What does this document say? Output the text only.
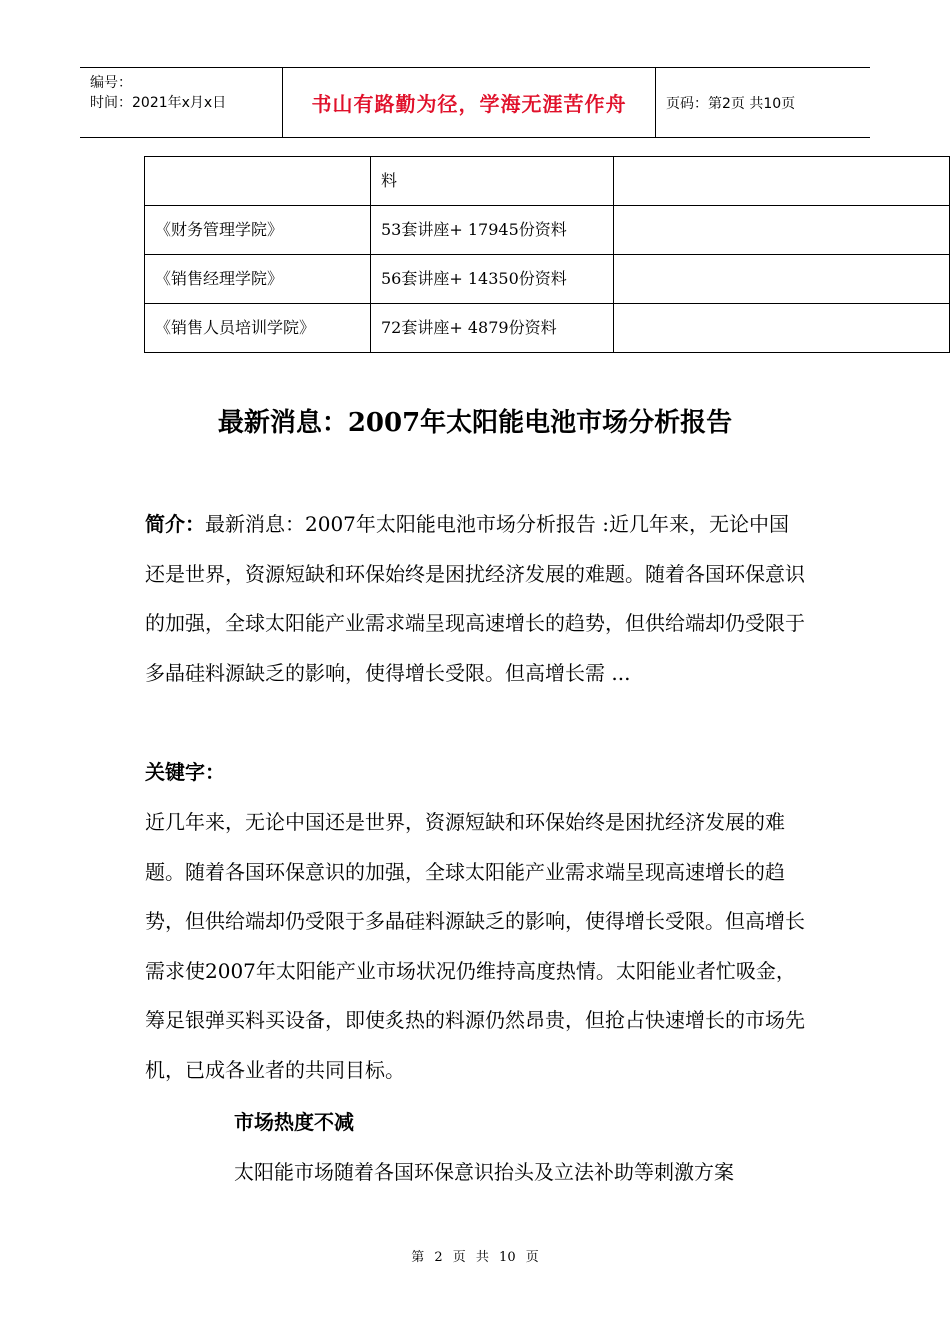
编号：
时间：2021年x月x日	书山有路勤为径，学海无涯苦作舟	页码：第2页 共10页
	料	
《财务管理学院》	53套讲座+ 17945份资料	
《销售经理学院》	56套讲座+ 14350份资料	
《销售人员培训学院》	72套讲座+ 4879份资料	
最新消息：2007年太阳能电池市场分析报告
简介：最新消息：2007年太阳能电池市场分析报告 :近几年来，无论中国还是世界，资源短缺和环保始终是困扰经济发展的难题。随着各国环保意识的加强，全球太阳能产业需求端呈现高速增长的趋势，但供给端却仍受限于多晶硅料源缺乏的影响，使得增长受限。但高增长需 ...
关键字：
近几年来，无论中国还是世界，资源短缺和环保始终是困扰经济发展的难题。随着各国环保意识的加强，全球太阳能产业需求端呈现高速增长的趋势，但供给端却仍受限于多晶硅料源缺乏的影响，使得增长受限。但高增长需求使2007年太阳能产业市场状况仍维持高度热情。太阳能业者忙吸金，筹足银弹买料买设备，即使炙热的料源仍然昂贵，但抢占快速增长的市场先机，已成各业者的共同目标。
市场热度不减
太阳能市场随着各国环保意识抬头及立法补助等刺激方案
第 2 页 共 10 页
